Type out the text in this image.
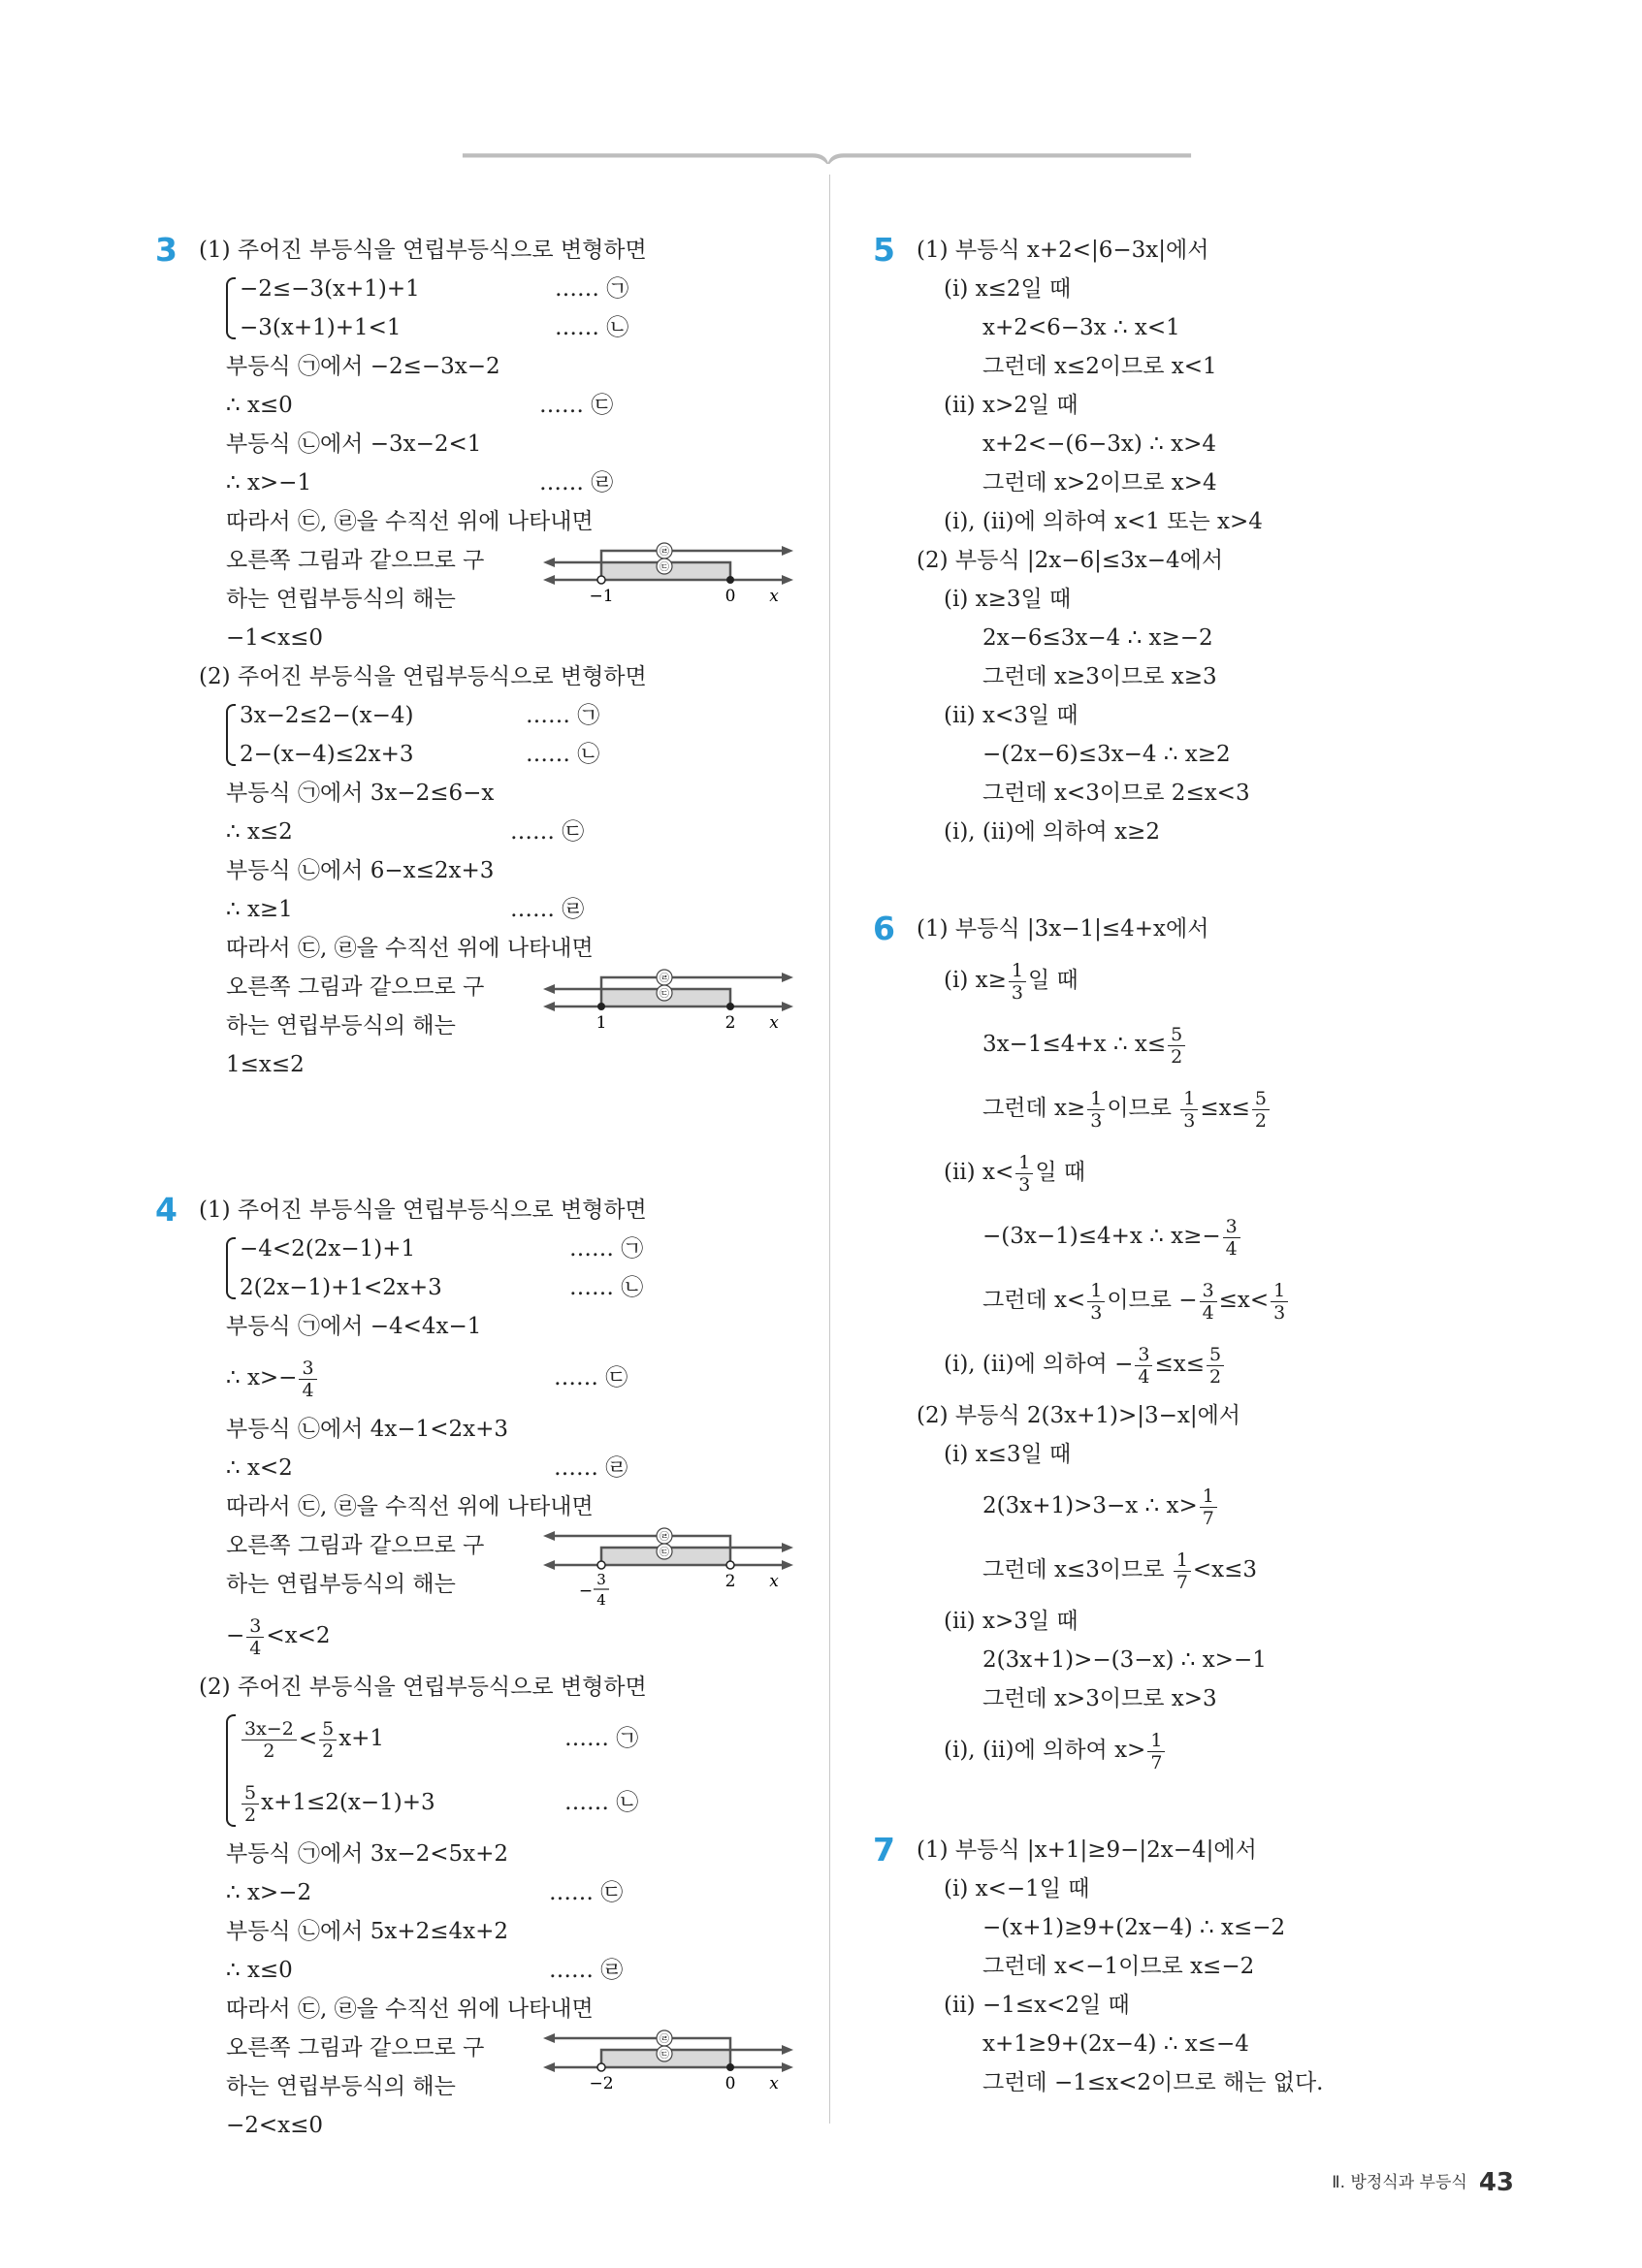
3 (1) 주어진 부등식을 연립부등식으로 변형하면
−2≤−3(x+1)+1	…… ㉠
−3(x+1)+1<1	…… ㉡
부등식 ㉠에서 −2≤−3x−2
∴ x≤0	…… ㉢
부등식 ㉡에서 −3x−2<1
∴ x>−1	…… ㉣
따라서 ㉢, ㉣을 수직선 위에 나타내면
오른쪽 그림과 같으므로 구
하는 연립부등식의 해는
−1<x≤0
㉣
㉢
−1	0 x
(2) 주어진 부등식을 연립부등식으로 변형하면
3x−2≤2−(x−4)	…… ㉠
2−(x−4)≤2x+3	…… ㉡
부등식 ㉠에서 3x−2≤6−x
∴ x≤2	…… ㉢
부등식 ㉡에서 6−x≤2x+3
∴ x≥1	…… ㉣
따라서 ㉢, ㉣을 수직선 위에 나타내면
오른쪽 그림과 같으므로 구
하는 연립부등식의 해는
1≤x≤2
㉣
㉢
1	2 x
4 (1) 주어진 부등식을 연립부등식으로 변형하면
−4<2(2x−1)+1	…… ㉠
2(2x−1)+1<2x+3	…… ㉡
부등식 ㉠에서 −4<4x−1
∴ $x>- \frac{3}{4}$	…… ㉢
부등식 ㉡에서 4x−1<2x+3
∴ x<2	…… ㉣
따라서 ㉢, ㉣을 수직선 위에 나타내면
오른쪽 그림과 같으므로 구
하는 연립부등식의 해는
− $\frac{3}{4} <x<2$
㉣
㉢
−
3
4
2 x
(2) 주어진 부등식을 연립부등식으로 변형하면
$\frac{3x-2}{2} < \frac{5}{2} x+1$	…… ㉠
$\frac{5}{2} x+1\le 2(x-1)+3$	…… ㉡
부등식 ㉠에서 3x−2<5x+2
∴ x>−2	…… ㉢
부등식 ㉡에서 5x+2≤4x+2
∴ x≤0	…… ㉣
따라서 ㉢, ㉣을 수직선 위에 나타내면
오른쪽 그림과 같으므로 구
하는 연립부등식의 해는
−2<x≤0
㉣
㉢
−2	0 x
5 (1) 부등식 x+2<|6−3x|에서
(ⅰ) x≤2일 때
x+2<6−3x ∴ x<1
그런데 x≤2이므로 x<1
(ⅱ) x>2일 때
x+2<−(6−3x) ∴ x>4
그런데 x>2이므로 x>4
(ⅰ), (ⅱ)에 의하여 x<1 또는 x>4
(2) 부등식 |2x−6|≤3x−4에서
(ⅰ) x≥3일 때
2x−6≤3x−4 ∴ x≥−2
그런데 x≥3이므로 x≥3
(ⅱ) x<3일 때
−(2x−6)≤3x−4 ∴ x≥2
그런데 x<3이므로 2≤x<3
(ⅰ), (ⅱ)에 의하여 x≥2
6 (1) 부등식 |3x−1|≤4+x에서
(ⅰ) $x\ge \frac{1}{3}$ 일 때
3x−1≤4+x ∴ $x\le \frac{5}{2}$
그런데 $x\ge \frac{1}{3}$ 이므로 $\frac{1}{3} \le x\le \frac{5}{2}$
(ⅱ) $x< \frac{1}{3}$ 일 때
−(3x−1)≤4+x ∴ $x\ge- \frac{3}{4}$
그런데 $x< \frac{1}{3}$ 이므로 − $\frac{3}{4} \le x< \frac{1}{3}$
(ⅰ), (ⅱ)에 의하여 − $\frac{3}{4} \le x\le \frac{5}{2}$
(2) 부등식 2(3x+1)>|3−x|에서
(ⅰ) x≤3일 때
2(3x+1)>3−x ∴ $x> \frac{1}{7}$
그런데 x≤3이므로 $\frac{1}{7} <x\le 3$
(ⅱ) x>3일 때
2(3x+1)>−(3−x) ∴ x>−1
그런데 x>3이므로 x>3
(ⅰ), (ⅱ)에 의하여 $x> \frac{1}{7}$
7 (1) 부등식 |x+1|≥9−|2x−4|에서
(ⅰ) x<−1일 때
−(x+1)≥9+(2x−4) ∴ x≤−2
그런데 x<−1이므로 x≤−2
(ⅱ) −1≤x<2일 때
x+1≥9+(2x−4) ∴ x≤−4
그런데 −1≤x<2이므로 해는 없다.
Ⅱ. 방정식과 부등식 43
